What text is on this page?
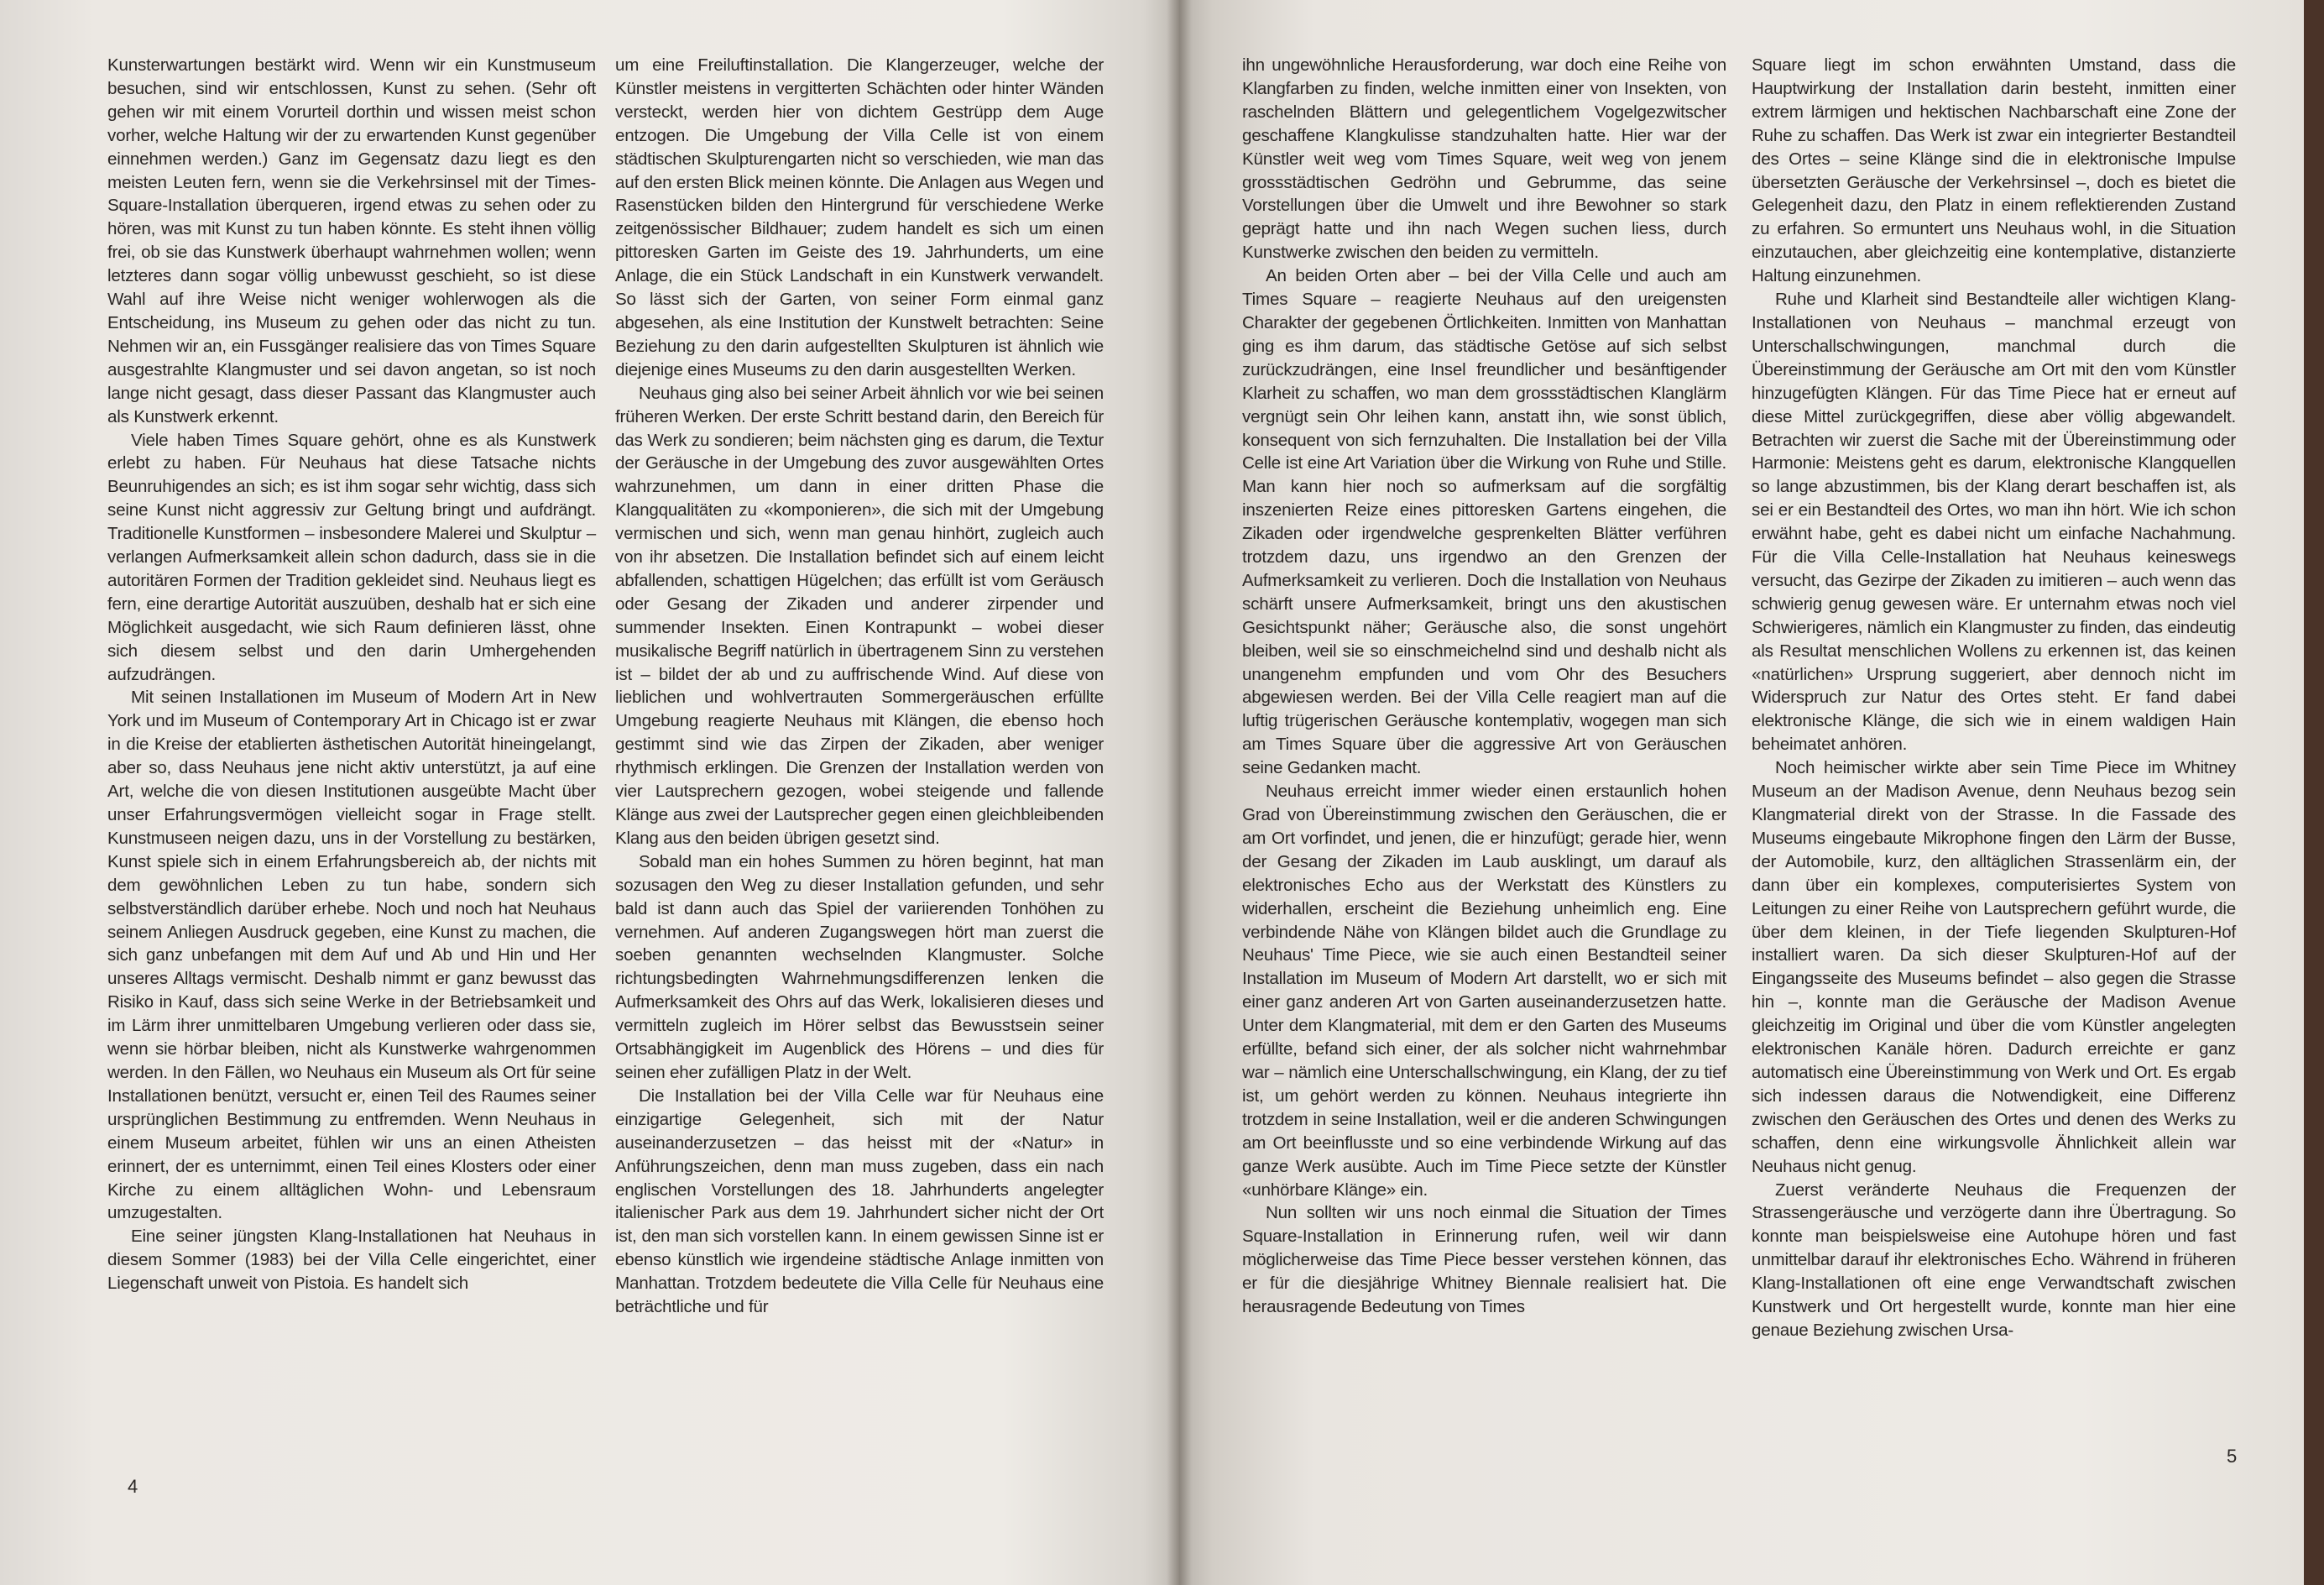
Kunsterwartungen bestärkt wird. Wenn wir ein Kunstmuseum besuchen, sind wir entschlossen, Kunst zu sehen. (Sehr oft gehen wir mit einem Vorurteil dorthin und wissen meist schon vorher, welche Haltung wir der zu erwartenden Kunst gegenüber einnehmen werden.) Ganz im Gegensatz dazu liegt es den meisten Leuten fern, wenn sie die Verkehrsinsel mit der Times-Square-Installation überqueren, irgend etwas zu sehen oder zu hören, was mit Kunst zu tun haben könnte. Es steht ihnen völlig frei, ob sie das Kunstwerk überhaupt wahrnehmen wollen; wenn letzteres dann sogar völlig unbewusst geschieht, so ist diese Wahl auf ihre Weise nicht weniger wohlerwogen als die Entscheidung, ins Museum zu gehen oder das nicht zu tun. Nehmen wir an, ein Fussgänger realisiere das von Times Square ausgestrahlte Klangmuster und sei davon angetan, so ist noch lange nicht gesagt, dass dieser Passant das Klangmuster auch als Kunstwerk erkennt.

Viele haben Times Square gehört, ohne es als Kunstwerk erlebt zu haben. Für Neuhaus hat diese Tatsache nichts Beunruhigendes an sich; es ist ihm sogar sehr wichtig, dass sich seine Kunst nicht aggressiv zur Geltung bringt und aufdrängt. Traditionelle Kunstformen – insbesondere Malerei und Skulptur – verlangen Aufmerksamkeit allein schon dadurch, dass sie in die autoritären Formen der Tradition gekleidet sind. Neuhaus liegt es fern, eine derartige Autorität auszuüben, deshalb hat er sich eine Möglichkeit ausgedacht, wie sich Raum definieren lässt, ohne sich diesem selbst und den darin Umhergehenden aufzudrängen.

Mit seinen Installationen im Museum of Modern Art in New York und im Museum of Contemporary Art in Chicago ist er zwar in die Kreise der etablierten ästhetischen Autorität hineingelangt, aber so, dass Neuhaus jene nicht aktiv unterstützt, ja auf eine Art, welche die von diesen Institutionen ausgeübte Macht über unser Erfahrungsvermögen vielleicht sogar in Frage stellt. Kunstmuseen neigen dazu, uns in der Vorstellung zu bestärken, Kunst spiele sich in einem Erfahrungsbereich ab, der nichts mit dem gewöhnlichen Leben zu tun habe, sondern sich selbstverständlich darüber erhebe. Noch und noch hat Neuhaus seinem Anliegen Ausdruck gegeben, eine Kunst zu machen, die sich ganz unbefangen mit dem Auf und Ab und Hin und Her unseres Alltags vermischt. Deshalb nimmt er ganz bewusst das Risiko in Kauf, dass sich seine Werke in der Betriebsamkeit und im Lärm ihrer unmittelbaren Umgebung verlieren oder dass sie, wenn sie hörbar bleiben, nicht als Kunstwerke wahrgenommen werden. In den Fällen, wo Neuhaus ein Museum als Ort für seine Installationen benützt, versucht er, einen Teil des Raumes seiner ursprünglichen Bestimmung zu entfremden. Wenn Neuhaus in einem Museum arbeitet, fühlen wir uns an einen Atheisten erinnert, der es unternimmt, einen Teil eines Klosters oder einer Kirche zu einem alltäglichen Wohn- und Lebensraum umzugestalten.

Eine seiner jüngsten Klang-Installationen hat Neuhaus in diesem Sommer (1983) bei der Villa Celle eingerichtet, einer Liegenschaft unweit von Pistoia. Es handelt sich

um eine Freiluftinstallation. Die Klangerzeuger, welche der Künstler meistens in vergitterten Schächten oder hinter Wänden versteckt, werden hier von dichtem Gestrüpp dem Auge entzogen. Die Umgebung der Villa Celle ist von einem städtischen Skulpturengarten nicht so verschieden, wie man das auf den ersten Blick meinen könnte. Die Anlagen aus Wegen und Rasenstücken bilden den Hintergrund für verschiedene Werke zeitgenössischer Bildhauer; zudem handelt es sich um einen pittoresken Garten im Geiste des 19. Jahrhunderts, um eine Anlage, die ein Stück Landschaft in ein Kunstwerk verwandelt. So lässt sich der Garten, von seiner Form einmal ganz abgesehen, als eine Institution der Kunstwelt betrachten: Seine Beziehung zu den darin aufgestellten Skulpturen ist ähnlich wie diejenige eines Museums zu den darin ausgestellten Werken.

Neuhaus ging also bei seiner Arbeit ähnlich vor wie bei seinen früheren Werken. Der erste Schritt bestand darin, den Bereich für das Werk zu sondieren; beim nächsten ging es darum, die Textur der Geräusche in der Umgebung des zuvor ausgewählten Ortes wahrzunehmen, um dann in einer dritten Phase die Klangqualitäten zu «komponieren», die sich mit der Umgebung vermischen und sich, wenn man genau hinhört, zugleich auch von ihr absetzen. Die Installation befindet sich auf einem leicht abfallenden, schattigen Hügelchen; das erfüllt ist vom Geräusch oder Gesang der Zikaden und anderer zirpender und summender Insekten. Einen Kontrapunkt – wobei dieser musikalische Begriff natürlich in übertragenem Sinn zu verstehen ist – bildet der ab und zu auffrischende Wind. Auf diese von lieblichen und wohlvertrauten Sommergeräuschen erfüllte Umgebung reagierte Neuhaus mit Klängen, die ebenso hoch gestimmt sind wie das Zirpen der Zikaden, aber weniger rhythmisch erklingen. Die Grenzen der Installation werden von vier Lautsprechern gezogen, wobei steigende und fallende Klänge aus zwei der Lautsprecher gegen einen gleichbleibenden Klang aus den beiden übrigen gesetzt sind.

Sobald man ein hohes Summen zu hören beginnt, hat man sozusagen den Weg zu dieser Installation gefunden, und sehr bald ist dann auch das Spiel der variierenden Tonhöhen zu vernehmen. Auf anderen Zugangswegen hört man zuerst die soeben genannten wechselnden Klangmuster. Solche richtungsbedingten Wahrnehmungsdifferenzen lenken die Aufmerksamkeit des Ohrs auf das Werk, lokalisieren dieses und vermitteln zugleich im Hörer selbst das Bewusstsein seiner Ortsabhängigkeit im Augenblick des Hörens – und dies für seinen eher zufälligen Platz in der Welt.

Die Installation bei der Villa Celle war für Neuhaus eine einzigartige Gelegenheit, sich mit der Natur auseinanderzusetzen – das heisst mit der «Natur» in Anführungszeichen, denn man muss zugeben, dass ein nach englischen Vorstellungen des 18. Jahrhunderts angelegter italienischer Park aus dem 19. Jahrhundert sicher nicht der Ort ist, den man sich vorstellen kann. In einem gewissen Sinne ist er ebenso künstlich wie irgendeine städtische Anlage inmitten von Manhattan. Trotzdem bedeutete die Villa Celle für Neuhaus eine beträchtliche und für

4

ihn ungewöhnliche Herausforderung, war doch eine Reihe von Klangfarben zu finden, welche inmitten einer von Insekten, von raschelnden Blättern und gelegentlichem Vogelgezwitscher geschaffene Klangkulisse standzuhalten hatte. Hier war der Künstler weit weg vom Times Square, weit weg von jenem grossstädtischen Gedröhn und Gebrumme, das seine Vorstellungen über die Umwelt und ihre Bewohner so stark geprägt hatte und ihn nach Wegen suchen liess, durch Kunstwerke zwischen den beiden zu vermitteln.

An beiden Orten aber – bei der Villa Celle und auch am Times Square – reagierte Neuhaus auf den ureigensten Charakter der gegebenen Örtlichkeiten. Inmitten von Manhattan ging es ihm darum, das städtische Getöse auf sich selbst zurückzudrängen, eine Insel freundlicher und besänftigender Klarheit zu schaffen, wo man dem grossstädtischen Klanglärm vergnügt sein Ohr leihen kann, anstatt ihn, wie sonst üblich, konsequent von sich fernzuhalten. Die Installation bei der Villa Celle ist eine Art Variation über die Wirkung von Ruhe und Stille. Man kann hier noch so aufmerksam auf die sorgfältig inszenierten Reize eines pittoresken Gartens eingehen, die Zikaden oder irgendwelche gesprenkelten Blätter verführen trotzdem dazu, uns irgendwo an den Grenzen der Aufmerksamkeit zu verlieren. Doch die Installation von Neuhaus schärft unsere Aufmerksamkeit, bringt uns den akustischen Gesichtspunkt näher; Geräusche also, die sonst ungehört bleiben, weil sie so einschmeichelnd sind und deshalb nicht als unangenehm empfunden und vom Ohr des Besuchers abgewiesen werden. Bei der Villa Celle reagiert man auf die luftig trügerischen Geräusche kontemplativ, wogegen man sich am Times Square über die aggressive Art von Geräuschen seine Gedanken macht.

Neuhaus erreicht immer wieder einen erstaunlich hohen Grad von Übereinstimmung zwischen den Geräuschen, die er am Ort vorfindet, und jenen, die er hinzufügt; gerade hier, wenn der Gesang der Zikaden im Laub ausklingt, um darauf als elektronisches Echo aus der Werkstatt des Künstlers zu widerhallen, erscheint die Beziehung unheimlich eng. Eine verbindende Nähe von Klängen bildet auch die Grundlage zu Neuhaus' Time Piece, wie sie auch einen Bestandteil seiner Installation im Museum of Modern Art darstellt, wo er sich mit einer ganz anderen Art von Garten auseinanderzusetzen hatte. Unter dem Klangmaterial, mit dem er den Garten des Museums erfüllte, befand sich einer, der als solcher nicht wahrnehmbar war – nämlich eine Unterschallschwingung, ein Klang, der zu tief ist, um gehört werden zu können. Neuhaus integrierte ihn trotzdem in seine Installation, weil er die anderen Schwingungen am Ort beeinflusste und so eine verbindende Wirkung auf das ganze Werk ausübte. Auch im Time Piece setzte der Künstler «unhörbare Klänge» ein.

Nun sollten wir uns noch einmal die Situation der Times Square-Installation in Erinnerung rufen, weil wir dann möglicherweise das Time Piece besser verstehen können, das er für die diesjährige Whitney Biennale realisiert hat. Die herausragende Bedeutung von Times

Square liegt im schon erwähnten Umstand, dass die Hauptwirkung der Installation darin besteht, inmitten einer extrem lärmigen und hektischen Nachbarschaft eine Zone der Ruhe zu schaffen. Das Werk ist zwar ein integrierter Bestandteil des Ortes – seine Klänge sind die in elektronische Impulse übersetzten Geräusche der Verkehrsinsel –, doch es bietet die Gelegenheit dazu, den Platz in einem reflektierenden Zustand zu erfahren. So ermuntert uns Neuhaus wohl, in die Situation einzutauchen, aber gleichzeitig eine kontemplative, distanzierte Haltung einzunehmen.

Ruhe und Klarheit sind Bestandteile aller wichtigen Klang-Installationen von Neuhaus – manchmal erzeugt von Unterschallschwingungen, manchmal durch die Übereinstimmung der Geräusche am Ort mit den vom Künstler hinzugefügten Klängen. Für das Time Piece hat er erneut auf diese Mittel zurückgegriffen, diese aber völlig abgewandelt. Betrachten wir zuerst die Sache mit der Übereinstimmung oder Harmonie: Meistens geht es darum, elektronische Klangquellen so lange abzustimmen, bis der Klang derart beschaffen ist, als sei er ein Bestandteil des Ortes, wo man ihn hört. Wie ich schon erwähnt habe, geht es dabei nicht um einfache Nachahmung. Für die Villa Celle-Installation hat Neuhaus keineswegs versucht, das Gezirpe der Zikaden zu imitieren – auch wenn das schwierig genug gewesen wäre. Er unternahm etwas noch viel Schwierigeres, nämlich ein Klangmuster zu finden, das eindeutig als Resultat menschlichen Wollens zu erkennen ist, das keinen «natürlichen» Ursprung suggeriert, aber dennoch nicht im Widerspruch zur Natur des Ortes steht. Er fand dabei elektronische Klänge, die sich wie in einem waldigen Hain beheimatet anhören.

Noch heimischer wirkte aber sein Time Piece im Whitney Museum an der Madison Avenue, denn Neuhaus bezog sein Klangmaterial direkt von der Strasse. In die Fassade des Museums eingebaute Mikrophone fingen den Lärm der Busse, der Automobile, kurz, den alltäglichen Strassenlärm ein, der dann über ein komplexes, computerisiertes System von Leitungen zu einer Reihe von Lautsprechern geführt wurde, die über dem kleinen, in der Tiefe liegenden Skulpturen-Hof installiert waren. Da sich dieser Skulpturen-Hof auf der Eingangsseite des Museums befindet – also gegen die Strasse hin –, konnte man die Geräusche der Madison Avenue gleichzeitig im Original und über die vom Künstler angelegten elektronischen Kanäle hören. Dadurch erreichte er ganz automatisch eine Übereinstimmung von Werk und Ort. Es ergab sich indessen daraus die Notwendigkeit, eine Differenz zwischen den Geräuschen des Ortes und denen des Werks zu schaffen, denn eine wirkungsvolle Ähnlichkeit allein war Neuhaus nicht genug.

Zuerst veränderte Neuhaus die Frequenzen der Strassengeräusche und verzögerte dann ihre Übertragung. So konnte man beispielsweise eine Autohupe hören und fast unmittelbar darauf ihr elektronisches Echo. Während in früheren Klang-Installationen oft eine enge Verwandtschaft zwischen Kunstwerk und Ort hergestellt wurde, konnte man hier eine genaue Beziehung zwischen Ursa-

5
